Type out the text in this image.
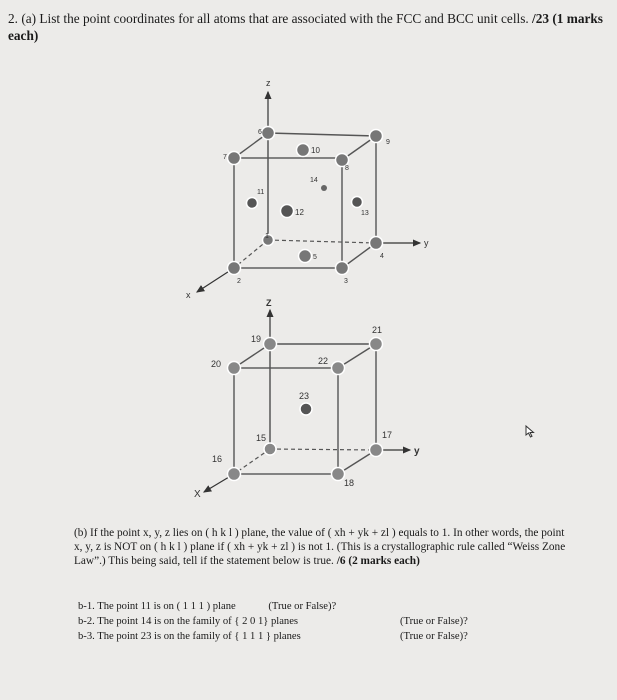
2. (a) List the point coordinates for all atoms that are associated with the FCC and BCC unit cells. /23 (1 marks each)
z
y
x
1
2	3
4
5
6
7
8
9
10
11
12	13
14
Z
y
X
15
16
17
18
19
20
21
22
23
(b) If the point x, y, z lies on ( h k l ) plane, the value of ( xh + yk + zl ) equals to 1. In other words, the point x, y, z is NOT on ( h k l ) plane if ( xh + yk + zl ) is not 1. (This is a crystallographic rule called “Weiss Zone Law”.) This being said, tell if the statement below is true. /6 (2 marks each)
b-1. The point 11 is on ( 1 1 1 ) plane	(True or False)?
b-2. The point 14 is on the family of { 2 0 1} planes	(True or False)?
b-3. The point 23 is on the family of { 1 1 1 } planes	(True or False)?
